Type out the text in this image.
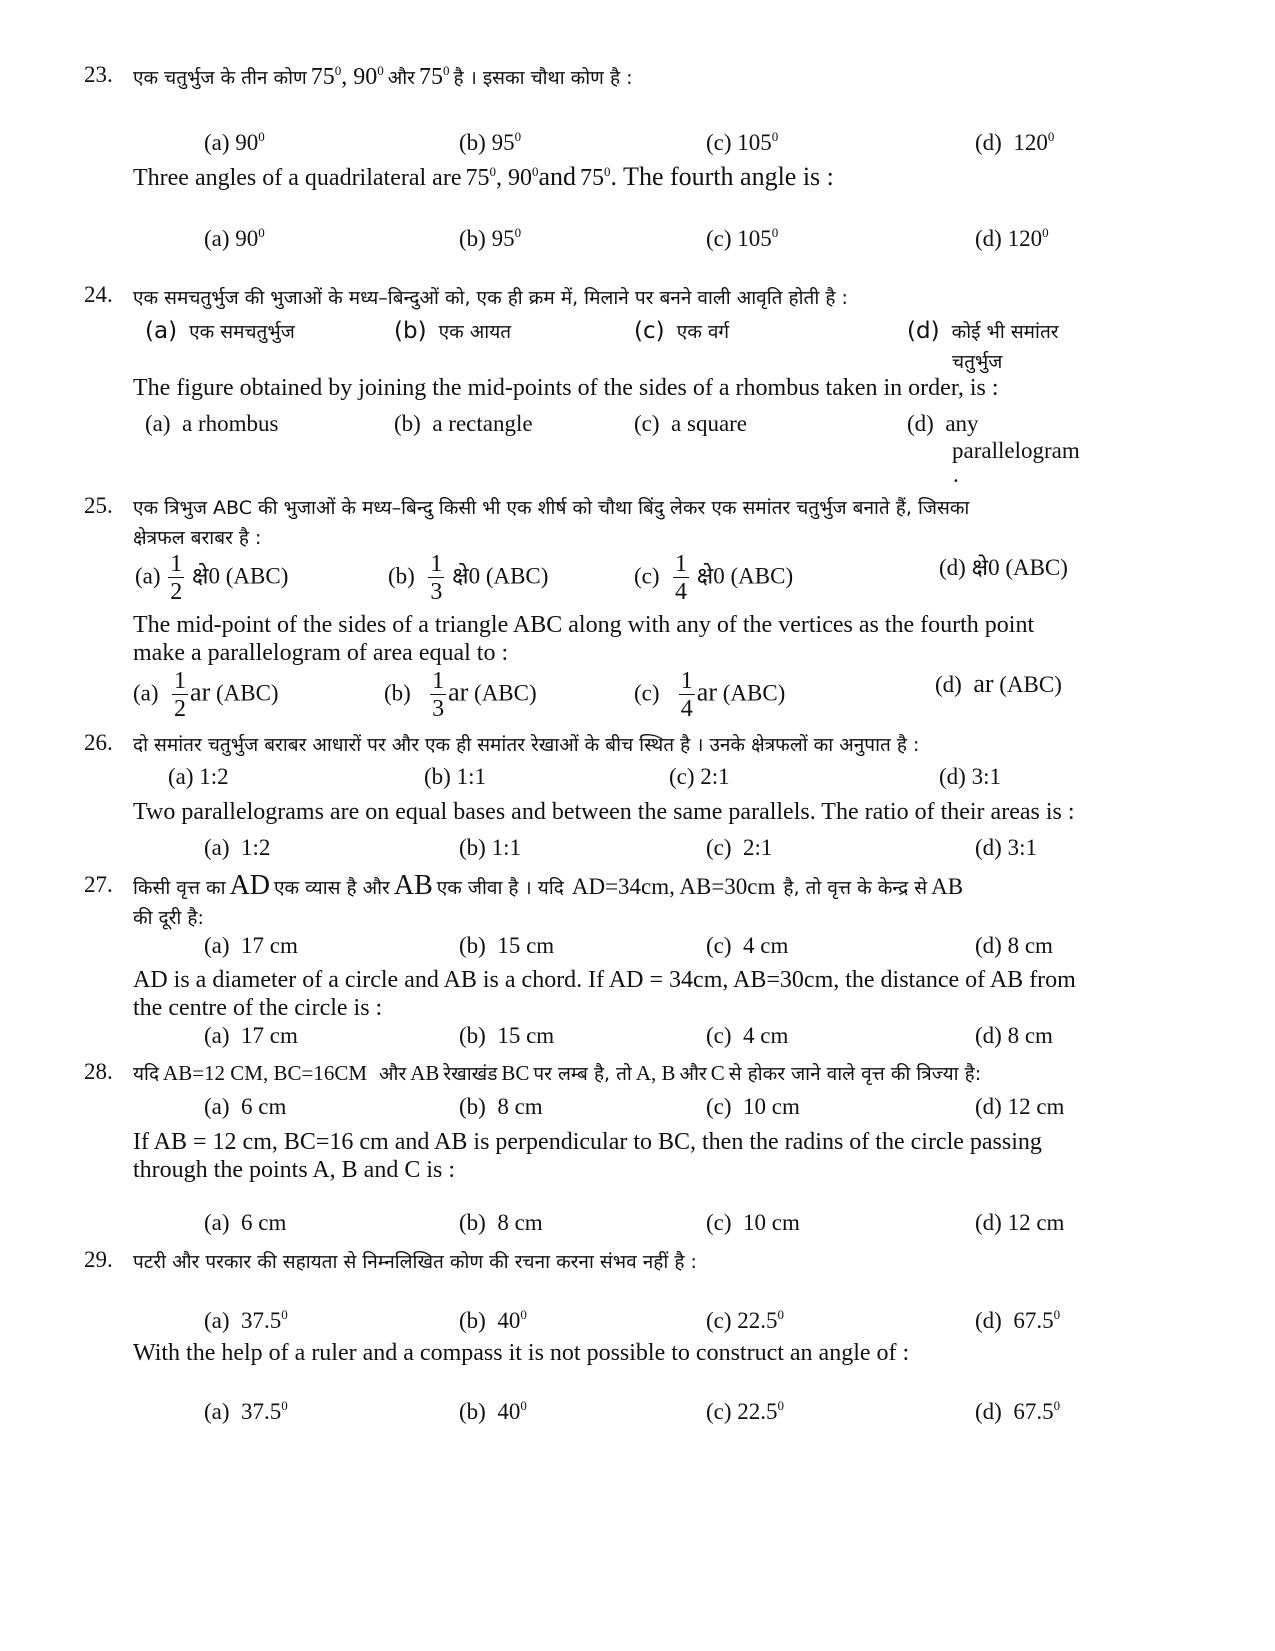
23. एक चतुर्भुज के तीन कोण $75^0$, $90^0$ और $75^0$ है । इसका चौथा कोण है :
(a) $90^0$	(b) $95^0$	(c) $105^0$	(d) $120^0$
Three angles of a quadrilateral are $75^0$, $90^0and$ $75^0$. The fourth angle is :
(a) $90^0$	(b) $95^0$	(c) $105^0$	(d) $120^0$
24. एक समचतुर्भुज की भुजाओं के मध्य–बिन्दुओं को, एक ही क्रम में, मिलाने पर बनने वाली आवृति होती है :
(a) एक समचतुर्भुज	(b) एक आयत	(c) एक वर्ग	(d) कोई भी समांतर
चतुर्भुज
The figure obtained by joining the mid-points of the sides of a rhombus taken in order, is :
(a) a rhombus	(b) a rectangle	(c) a square	(d) any
parallelogram
.
25. एक त्रिभुज ABC की भुजाओं के मध्य–बिन्दु किसी भी एक शीर्ष को चौथा बिंदु लेकर एक समांतर चतुर्भुज बनाते हैं, जिसका
क्षेत्रफल बराबर है :
$(a) \frac{1}{2}$ क्षे0 (ABC)	$(b) \frac{1}{3}$ क्षे0 (ABC)	$(c) \frac{1}{4}$ क्षे0 (ABC)	(d) क्षे0 (ABC)
The mid-point of the sides of a triangle ABC along with any of the vertices as the fourth point
make a parallelogram of area equal to :
$(a) \frac{1}{2}$ ar (ABC)	$(b) \frac{1}{3}$ ar (ABC)	$(c) \frac{1}{4}$ ar (ABC)	(d) ar (ABC)
26. दो समांतर चतुर्भुज बराबर आधारों पर और एक ही समांतर रेखाओं के बीच स्थित है । उनके क्षेत्रफलों का अनुपात है :
(a) 1:2	(b) 1:1	(c) 2:1	(d) 3:1
Two parallelograms are on equal bases and between the same parallels. The ratio of their areas is :
(a) 1:2	(b) 1:1	(c) 2:1	(d) 3:1
27. किसी वृत्त का AD एक व्यास है और AB एक जीवा है । यदि AD=34cm, AB=30cm है, तो वृत्त के केन्द्र से AB
की दूरी है:
(a) 17 cm	(b) 15 cm	(c) 4 cm	(d) 8 cm
AD is a diameter of a circle and AB is a chord. If AD = 34cm, AB=30cm, the distance of AB from
the centre of the circle is :
(a) 17 cm	(b) 15 cm	(c) 4 cm	(d) 8 cm
28. यदि AB=12 CM, BC=16CM और AB रेखाखंड BC पर लम्ब है, तो A, B और C से होकर जाने वाले वृत्त की त्रिज्या है:
(a) 6 cm	(b) 8 cm	(c) 10 cm	(d) 12 cm
If AB = 12 cm, BC=16 cm and AB is perpendicular to BC, then the radins of the circle passing
through the points A, B and C is :
(a) 6 cm	(b) 8 cm	(c) 10 cm	(d) 12 cm
29. पटरी और परकार की सहायता से निम्नलिखित कोण की रचना करना संभव नहीं है :
(a) 37.5$^0$	(b) $40^0$	(c) 22.5$^0$	(d) 67.5$^0$
With the help of a ruler and a compass it is not possible to construct an angle of :
(a) 37.5$^0$	(b) $40^0$	(c) 22.5$^0$	(d) 67.5$^0$
